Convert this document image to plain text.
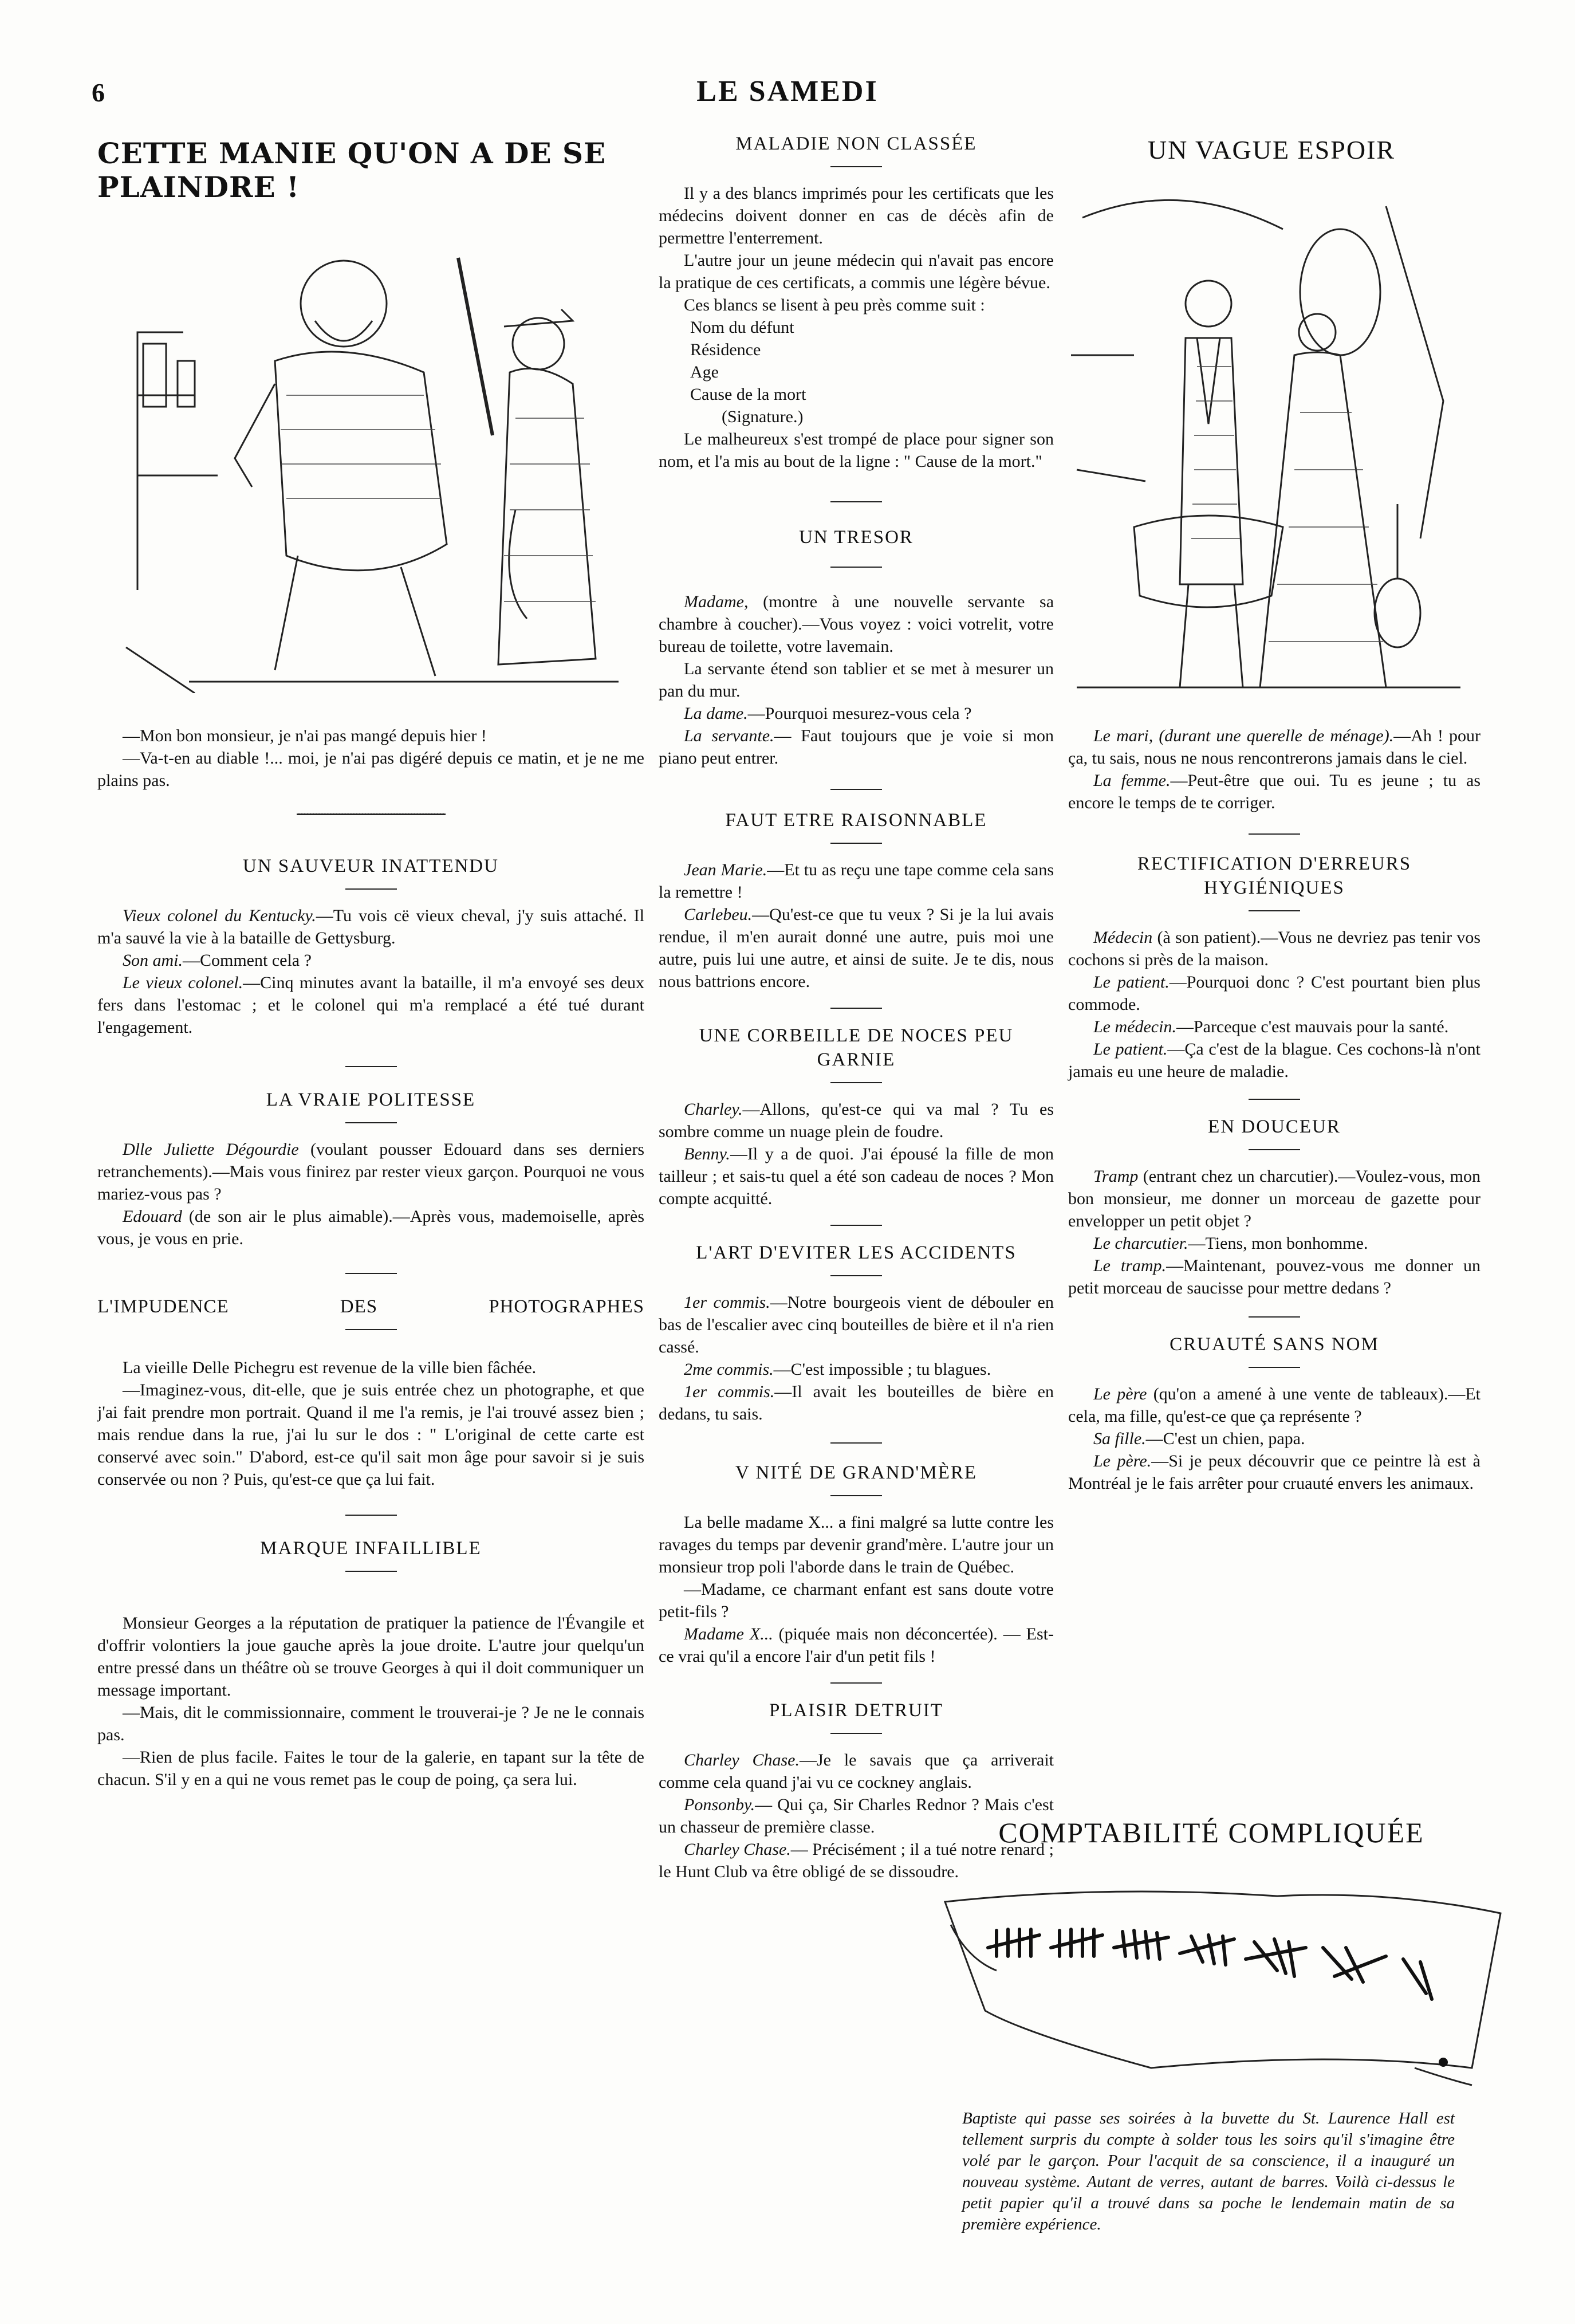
6	LE SAMEDI
CETTE MANIE QU'ON A DE SE PLAINDRE !

—Mon bon monsieur, je n'ai pas mangé depuis hier !

—Va-t-en au diable !... moi, je n'ai pas digéré depuis ce matin, et je ne me plains pas.

UN SAUVEUR INATTENDU

Vieux colonel du Kentucky.—Tu vois cë vieux cheval, j'y suis attaché. Il m'a sauvé la vie à la bataille de Gettysburg.

Son ami.—Comment cela ?

Le vieux colonel.—Cinq minutes avant la bataille, il m'a envoyé ses deux fers dans l'estomac ; et le colonel qui m'a remplacé a été tué durant l'engagement.

LA VRAIE POLITESSE

Dlle Juliette Dégourdie (voulant pousser Edouard dans ses derniers retranchements).—Mais vous finirez par rester vieux garçon. Pourquoi ne vous mariez-vous pas ?

Edouard (de son air le plus aimable).—Après vous, mademoiselle, après vous, je vous en prie.

L'IMPUDENCE DES PHOTOGRAPHES

La vieille Delle Pichegru est revenue de la ville bien fâchée.

—Imaginez-vous, dit-elle, que je suis entrée chez un photographe, et que j'ai fait prendre mon portrait. Quand il me l'a remis, je l'ai trouvé assez bien ; mais rendue dans la rue, j'ai lu sur le dos : " L'original de cette carte est conservé avec soin." D'abord, est-ce qu'il sait mon âge pour savoir si je suis conservée ou non ? Puis, qu'est-ce que ça lui fait.

MARQUE INFAILLIBLE

Monsieur Georges a la réputation de pratiquer la patience de l'Évangile et d'offrir volontiers la joue gauche après la joue droite. L'autre jour quelqu'un entre pressé dans un théâtre où se trouve Georges à qui il doit communiquer un message important.

—Mais, dit le commissionnaire, comment le trouverai-je ? Je ne le connais pas.

—Rien de plus facile. Faites le tour de la galerie, en tapant sur la tête de chacun. S'il y en a qui ne vous remet pas le coup de poing, ça sera lui.

MALADIE NON CLASSÉE

Il y a des blancs imprimés pour les certificats que les médecins doivent donner en cas de décès afin de permettre l'enterrement.

L'autre jour un jeune médecin qui n'avait pas encore la pratique de ces certificats, a commis une légère bévue.

Ces blancs se lisent à peu près comme suit :

Nom du défunt

Résidence

Age

Cause de la mort

(Signature.)

Le malheureux s'est trompé de place pour signer son nom, et l'a mis au bout de la ligne : " Cause de la mort."

UN TRESOR

Madame, (montre à une nouvelle servante sa chambre à coucher).—Vous voyez : voici votrelit, votre bureau de toilette, votre lavemain.

La servante étend son tablier et se met à mesurer un pan du mur.

La dame.—Pourquoi mesurez-vous cela ?

La servante.— Faut toujours que je voie si mon piano peut entrer.

FAUT ETRE RAISONNABLE

Jean Marie.—Et tu as reçu une tape comme cela sans la remettre !

Carlebeu.—Qu'est-ce que tu veux ? Si je la lui avais rendue, il m'en aurait donné une autre, puis moi une autre, puis lui une autre, et ainsi de suite. Je te dis, nous nous battrions encore.

UNE CORBEILLE DE NOCES PEU GARNIE

Charley.—Allons, qu'est-ce qui va mal ? Tu es sombre comme un nuage plein de foudre.

Benny.—Il y a de quoi. J'ai épousé la fille de mon tailleur ; et sais-tu quel a été son cadeau de noces ? Mon compte acquitté.

L'ART D'EVITER LES ACCIDENTS

1er commis.—Notre bourgeois vient de débouler en bas de l'escalier avec cinq bouteilles de bière et il n'a rien cassé.

2me commis.—C'est impossible ; tu blagues.

1er commis.—Il avait les bouteilles de bière en dedans, tu sais.

V NITÉ DE GRAND'MÈRE

La belle madame X... a fini malgré sa lutte contre les ravages du temps par devenir grand'mère. L'autre jour un monsieur trop poli l'aborde dans le train de Québec.

—Madame, ce charmant enfant est sans doute votre petit-fils ?

Madame X... (piquée mais non déconcertée). — Est-ce vrai qu'il a encore l'air d'un petit fils !

PLAISIR DETRUIT

Charley Chase.—Je le savais que ça arriverait comme cela quand j'ai vu ce cockney anglais.

Ponsonby.— Qui ça, Sir Charles Rednor ? Mais c'est un chasseur de première classe.

Charley Chase.— Précisément ; il a tué notre renard ; le Hunt Club va être obligé de se dissoudre.

UN VAGUE ESPOIR

Le mari, (durant une querelle de ménage).—Ah ! pour ça, tu sais, nous ne nous rencontrerons jamais dans le ciel.

La femme.—Peut-être que oui. Tu es jeune ; tu as encore le temps de te corriger.

RECTIFICATION D'ERREURS HYGIÉNIQUES

Médecin (à son patient).—Vous ne devriez pas tenir vos cochons si près de la maison.

Le patient.—Pourquoi donc ? C'est pourtant bien plus commode.

Le médecin.—Parceque c'est mauvais pour la santé.

Le patient.—Ça c'est de la blague. Ces cochons-là n'ont jamais eu une heure de maladie.

EN DOUCEUR

Tramp (entrant chez un charcutier).—Voulez-vous, mon bon monsieur, me donner un morceau de gazette pour envelopper un petit objet ?

Le charcutier.—Tiens, mon bonhomme.

Le tramp.—Maintenant, pouvez-vous me donner un petit morceau de saucisse pour mettre dedans ?

CRUAUTÉ SANS NOM

Le père (qu'on a amené à une vente de tableaux).—Et cela, ma fille, qu'est-ce que ça représente ?

Sa fille.—C'est un chien, papa.

Le père.—Si je peux découvrir que ce peintre là est à Montréal je le fais arrêter pour cruauté envers les animaux.

COMPTABILITÉ COMPLIQUÉE
Baptiste qui passe ses soirées à la buvette du St. Laurence Hall est tellement surpris du compte à solder tous les soirs qu'il s'imagine être volé par le garçon. Pour l'acquit de sa conscience, il a inauguré un nouveau système. Autant de verres, autant de barres. Voilà ci-dessus le petit papier qu'il a trouvé dans sa poche le lendemain matin de sa première expérience.
